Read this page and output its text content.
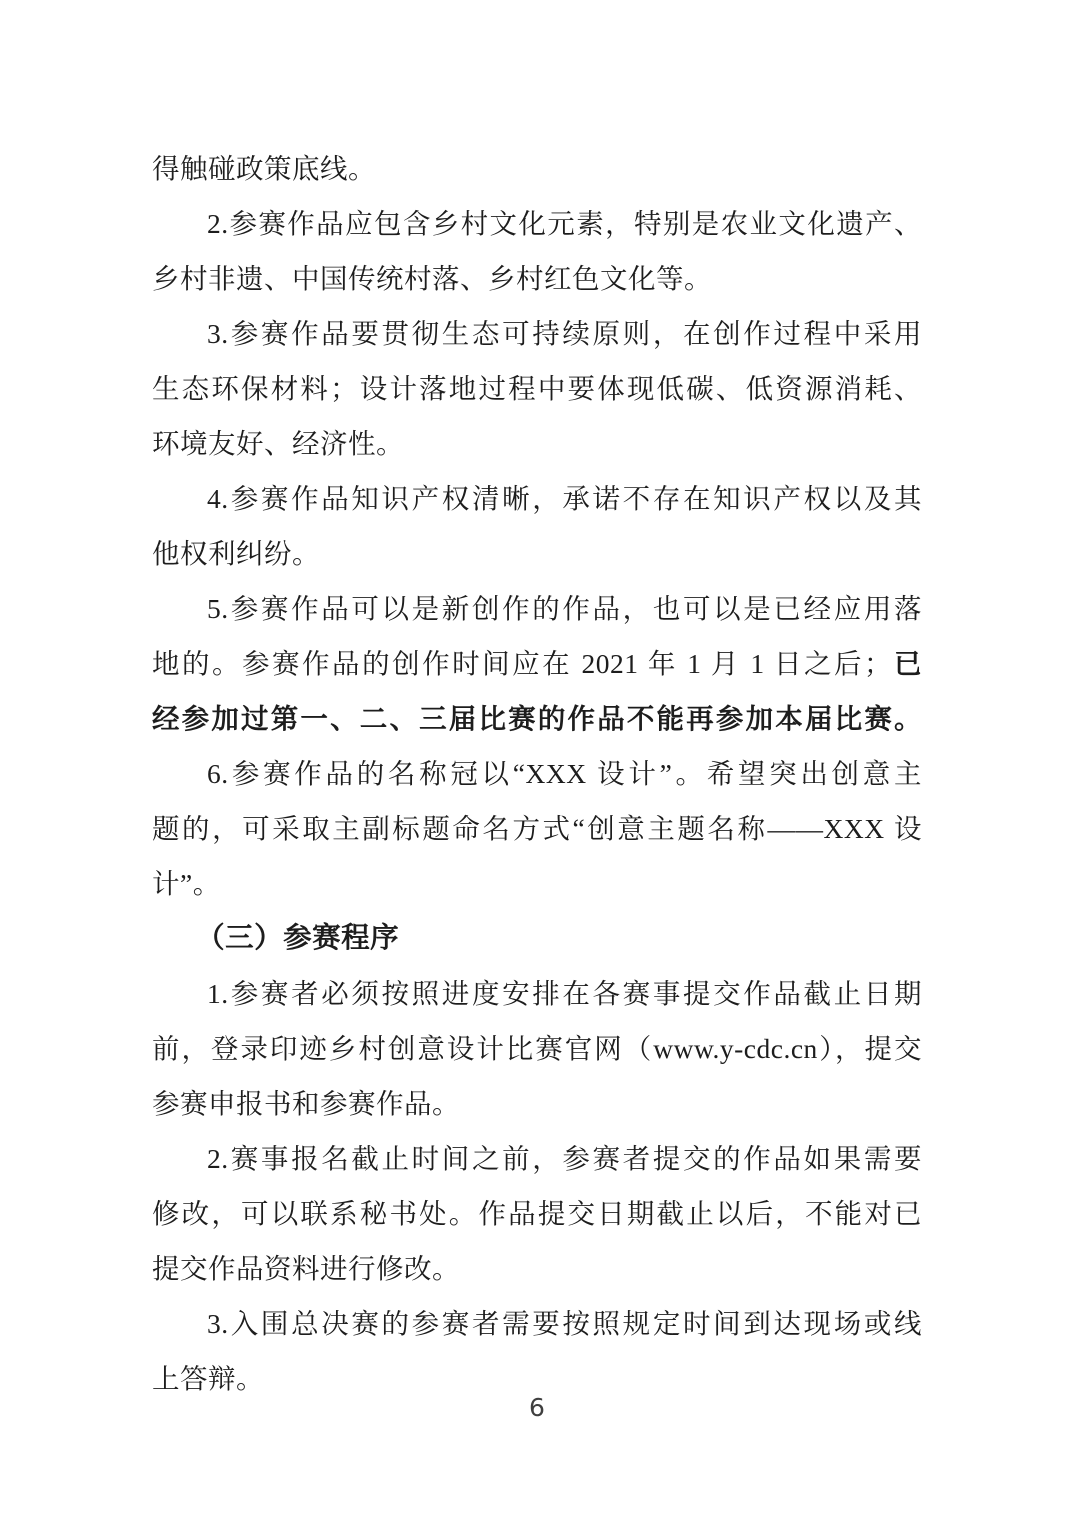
得触碰政策底线。
2.参赛作品应包含乡村文化元素，特别是农业文化遗产、
乡村非遗、中国传统村落、乡村红色文化等。
3.参赛作品要贯彻生态可持续原则，在创作过程中采用
生态环保材料；设计落地过程中要体现低碳、低资源消耗、
环境友好、经济性。
4.参赛作品知识产权清晰，承诺不存在知识产权以及其
他权利纠纷。
5.参赛作品可以是新创作的作品，也可以是已经应用落
地的。参赛作品的创作时间应在 2021 年 1 月 1 日之后；已
经参加过第一、二、三届比赛的作品不能再参加本届比赛。
6.参赛作品的名称冠以“XXX 设计”。希望突出创意主
题的，可采取主副标题命名方式“创意主题名称——XXX 设
计”。
（三）参赛程序
1.参赛者必须按照进度安排在各赛事提交作品截止日期
前，登录印迹乡村创意设计比赛官网（www.y-cdc.cn），提交
参赛申报书和参赛作品。
2.赛事报名截止时间之前，参赛者提交的作品如果需要
修改，可以联系秘书处。作品提交日期截止以后，不能对已
提交作品资料进行修改。
3.入围总决赛的参赛者需要按照规定时间到达现场或线
上答辩。
6
